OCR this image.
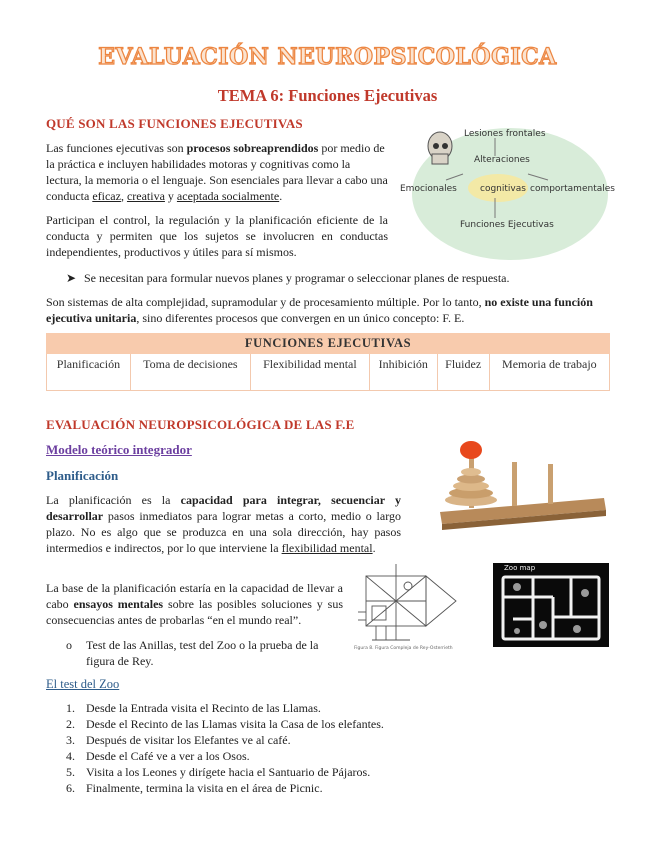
EVALUACIÓN NEUROPSICOLÓGICA
TEMA 6: Funciones Ejecutivas
QUÉ SON LAS FUNCIONES EJECUTIVAS
Las funciones ejecutivas son procesos sobreaprendidos por medio de la práctica e incluyen habilidades motoras y cognitivas como la lectura, la memoria o el lenguaje. Son esenciales para llevar a cabo una conducta eficaz, creativa y aceptada socialmente.
Participan el control, la regulación y la planificación eficiente de la conducta y permiten que los sujetos se involucren en conductas independientes, productivos y útiles para sí mismos.
Lesiones frontales
Alteraciones
Emocionales	cognitivas comportamentales
Funciones Ejecutivas
➤ Se necesitan para formular nuevos planes y programar o seleccionar planes de respuesta.
Son sistemas de alta complejidad, supramodular y de procesamiento múltiple. Por lo tanto, no existe una función ejecutiva unitaria, sino diferentes procesos que convergen en un único concepto: F. E.
FUNCIONES EJECUTIVAS
Planificación	Toma de decisiones	Flexibilidad mental	Inhibición	Fluidez	Memoria de trabajo
EVALUACIÓN NEUROPSICOLÓGICA DE LAS F.E
Modelo teórico integrador
Planificación
La planificación es la capacidad para integrar, secuenciar y desarrollar pasos inmediatos para lograr metas a corto, medio o largo plazo. No es algo que se produzca en una sola dirección, hay pasos intermedios e indirectos, por lo que interviene la flexibilidad mental.
La base de la planificación estaría en la capacidad de llevar a cabo ensayos mentales sobre las posibles soluciones y sus consecuencias antes de probarlas “en el mundo real”.
Figura 8. Figura Compleja de Rey-Osterrieth
Zoo map
o Test de las Anillas, test del Zoo o la prueba de la figura de Rey.
El test del Zoo
1. Desde la Entrada visita el Recinto de las Llamas.
2. Desde el Recinto de las Llamas visita la Casa de los elefantes.
3. Después de visitar los Elefantes ve al café.
4. Desde el Café ve a ver a los Osos.
5. Visita a los Leones y dirígete hacia el Santuario de Pájaros.
6. Finalmente, termina la visita en el área de Picnic.
